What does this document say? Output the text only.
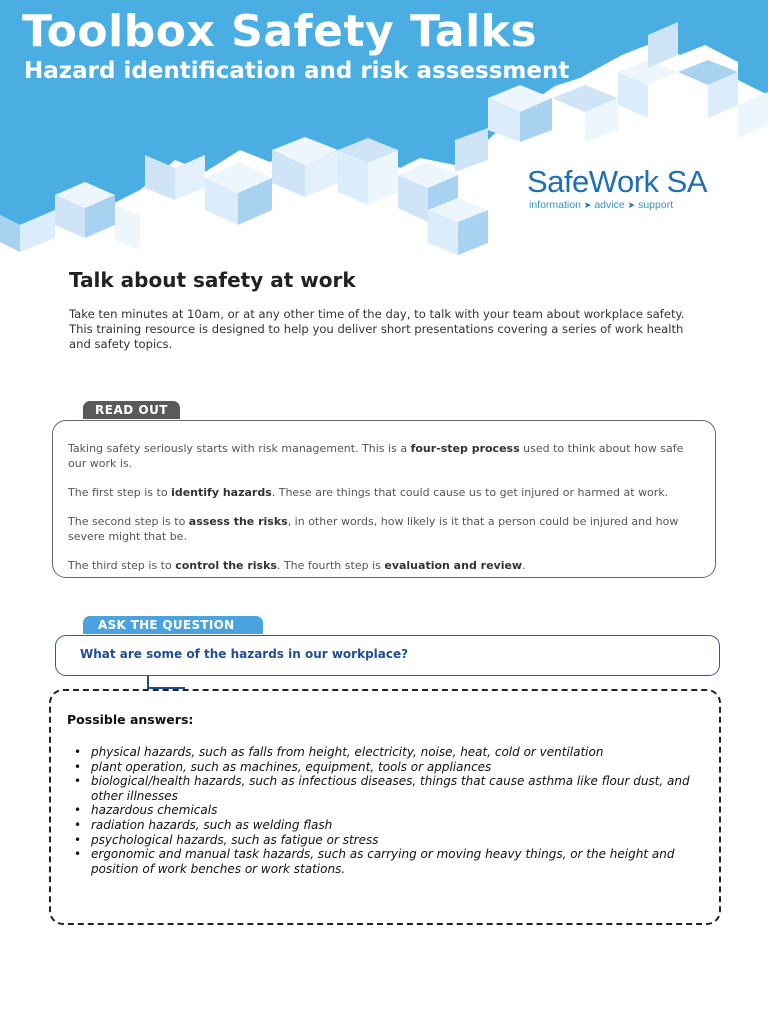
Toolbox Safety Talks
Hazard identification and risk assessment
SafeWork SA
information ➤ advice ➤ support
Talk about safety at work

Take ten minutes at 10am, or at any other time of the day, to talk with your team about workplace safety. This training resource is designed to help you deliver short presentations covering a series of work health and safety topics.

READ OUT

Taking safety seriously starts with risk management. This is a four-step process used to think about how safe our work is.

The first step is to identify hazards. These are things that could cause us to get injured or harmed at work.

The second step is to assess the risks, in other words, how likely is it that a person could be injured and how severe might that be.

The third step is to control the risks. The fourth step is evaluation and review.

ASK THE QUESTION

What are some of the hazards in our workplace?

Possible answers:

• physical hazards, such as falls from height, electricity, noise, heat, cold or ventilation
• plant operation, such as machines, equipment, tools or appliances
• biological/health hazards, such as infectious diseases, things that cause asthma like flour dust, and other illnesses
• hazardous chemicals
• radiation hazards, such as welding flash
• psychological hazards, such as fatigue or stress
• ergonomic and manual task hazards, such as carrying or moving heavy things, or the height and position of work benches or work stations.
